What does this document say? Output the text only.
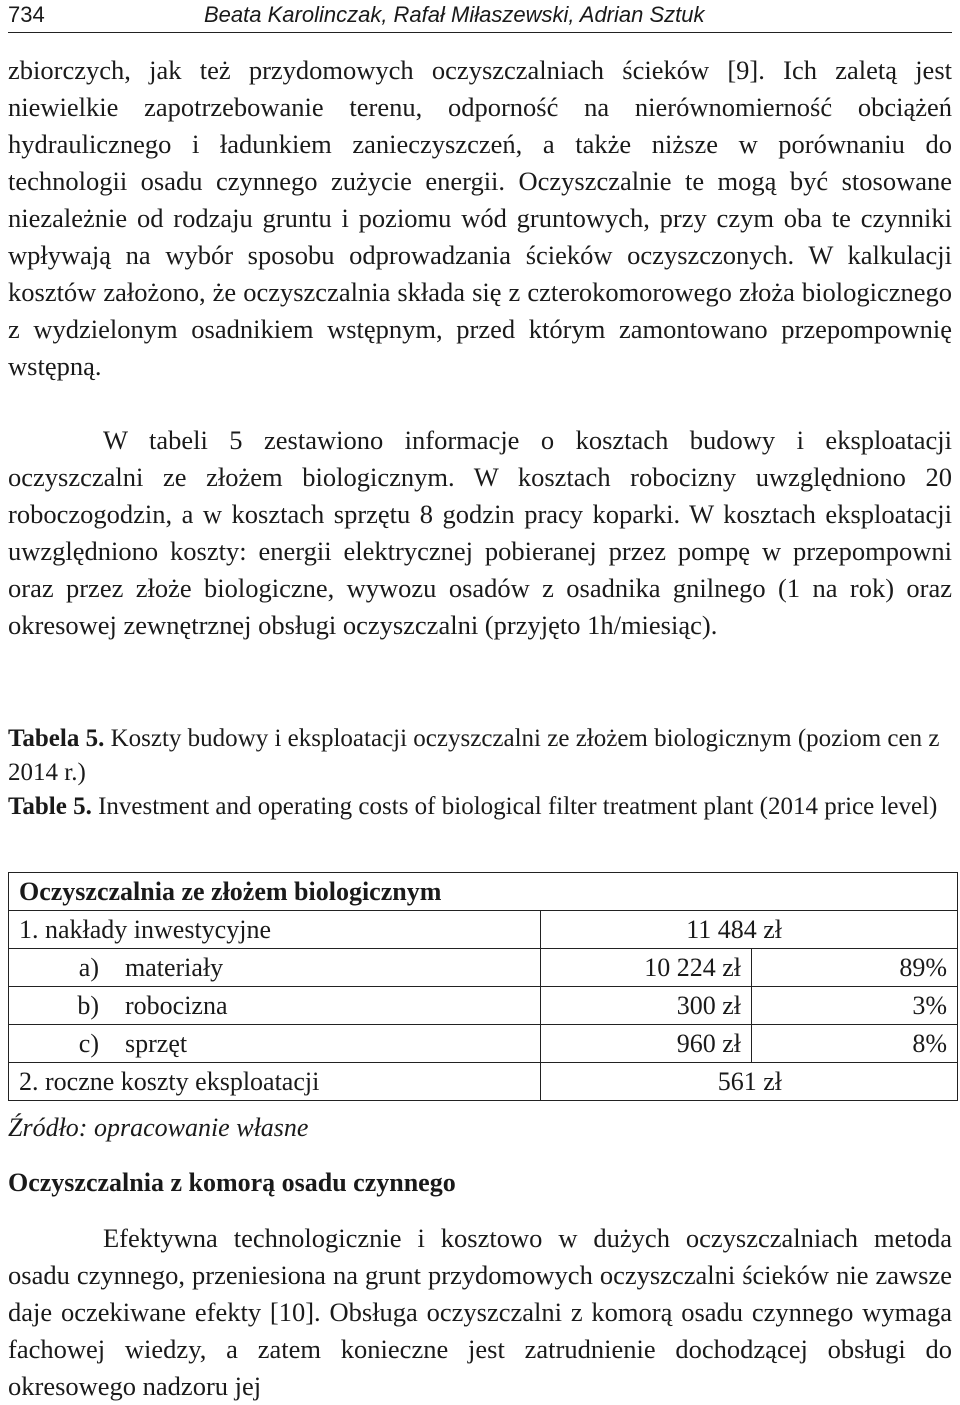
734	Beata Karolinczak, Rafał Miłaszewski, Adrian Sztuk

zbiorczych, jak też przydomowych oczyszczalniach ścieków [9]. Ich zaletą jest niewielkie zapotrzebowanie terenu, odporność na nierównomierność obciążeń hydraulicznego i ładunkiem zanieczyszczeń, a także niższe w porównaniu do technologii osadu czynnego zużycie energii. Oczyszczalnie te mogą być stosowane niezależnie od rodzaju gruntu i poziomu wód gruntowych, przy czym oba te czynniki wpływają na wybór sposobu odprowadzania ścieków oczyszczonych. W kalkulacji kosztów założono, że oczyszczalnia składa się z czterokomorowego złoża biologicznego z wydzielonym osadnikiem wstępnym, przed którym zamontowano przepompownię wstępną.

W tabeli 5 zestawiono informacje o kosztach budowy i eksploatacji oczyszczalni ze złożem biologicznym. W kosztach robocizny uwzględniono 20 roboczogodzin, a w kosztach sprzętu 8 godzin pracy koparki. W kosztach eksploatacji uwzględniono koszty: energii elektrycznej pobieranej przez pompę w przepompowni oraz przez złoże biologiczne, wywozu osadów z osadnika gnilnego (1 na rok) oraz okresowej zewnętrznej obsługi oczyszczalni (przyjęto 1h/miesiąc).

Tabela 5. Koszty budowy i eksploatacji oczyszczalni ze złożem biologicznym (poziom cen z 2014 r.)
Table 5. Investment and operating costs of biological filter treatment plant (2014 price level)
Oczyszczalnia ze złożem biologicznym			
1. nakłady inwestycyjne		11 484 zł	
a)	materiały	10 224 zł	89%
b)	robocizna	300 zł	3%
c)	sprzęt	960 zł	8%
2. roczne koszty eksploatacji		561 zł	
Źródło: opracowanie własne
Oczyszczalnia z komorą osadu czynnego

Efektywna technologicznie i kosztowo w dużych oczyszczalniach metoda osadu czynnego, przeniesiona na grunt przydomowych oczyszczalni ścieków nie zawsze daje oczekiwane efekty [10]. Obsługa oczyszczalni z komorą osadu czynnego wymaga fachowej wiedzy, a zatem konieczne jest zatrudnienie dochodzącej obsługi do okresowego nadzoru jej
